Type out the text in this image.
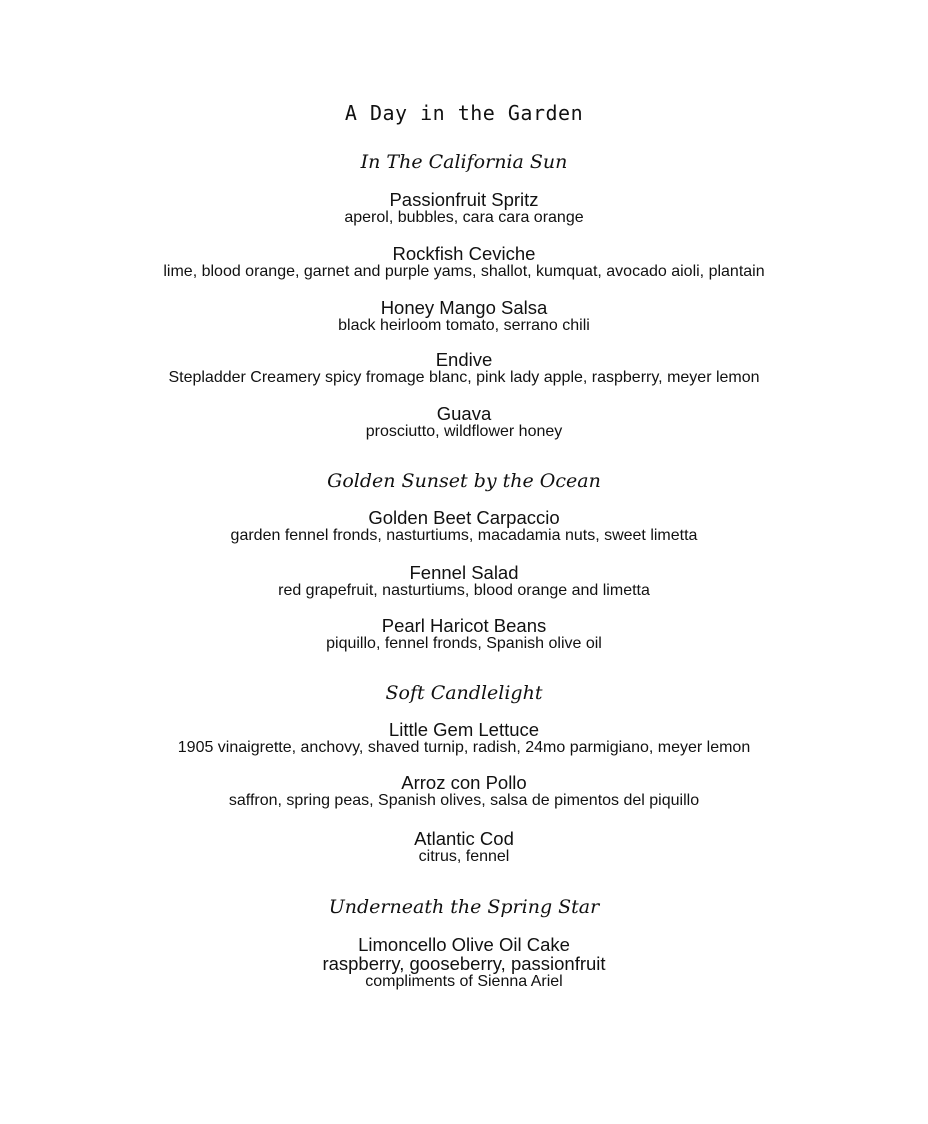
A Day in the Garden
In The California Sun
Passionfruit Spritz
aperol, bubbles, cara cara orange
Rockfish Ceviche
lime, blood orange, garnet and purple yams, shallot, kumquat, avocado aioli, plantain
Honey Mango Salsa
black heirloom tomato, serrano chili
Endive
Stepladder Creamery spicy fromage blanc, pink lady apple, raspberry, meyer lemon
Guava
prosciutto, wildflower honey
Golden Sunset by the Ocean
Golden Beet Carpaccio
garden fennel fronds, nasturtiums, macadamia nuts, sweet limetta
Fennel Salad
red grapefruit, nasturtiums, blood orange and limetta
Pearl Haricot Beans
piquillo, fennel fronds, Spanish olive oil
Soft Candlelight
Little Gem Lettuce
1905 vinaigrette, anchovy, shaved turnip, radish, 24mo parmigiano, meyer lemon
Arroz con Pollo
saffron, spring peas, Spanish olives, salsa de pimentos del piquillo
Atlantic Cod
citrus, fennel
Underneath the Spring Star
Limoncello Olive Oil Cake
raspberry, gooseberry, passionfruit
compliments of Sienna Ariel
